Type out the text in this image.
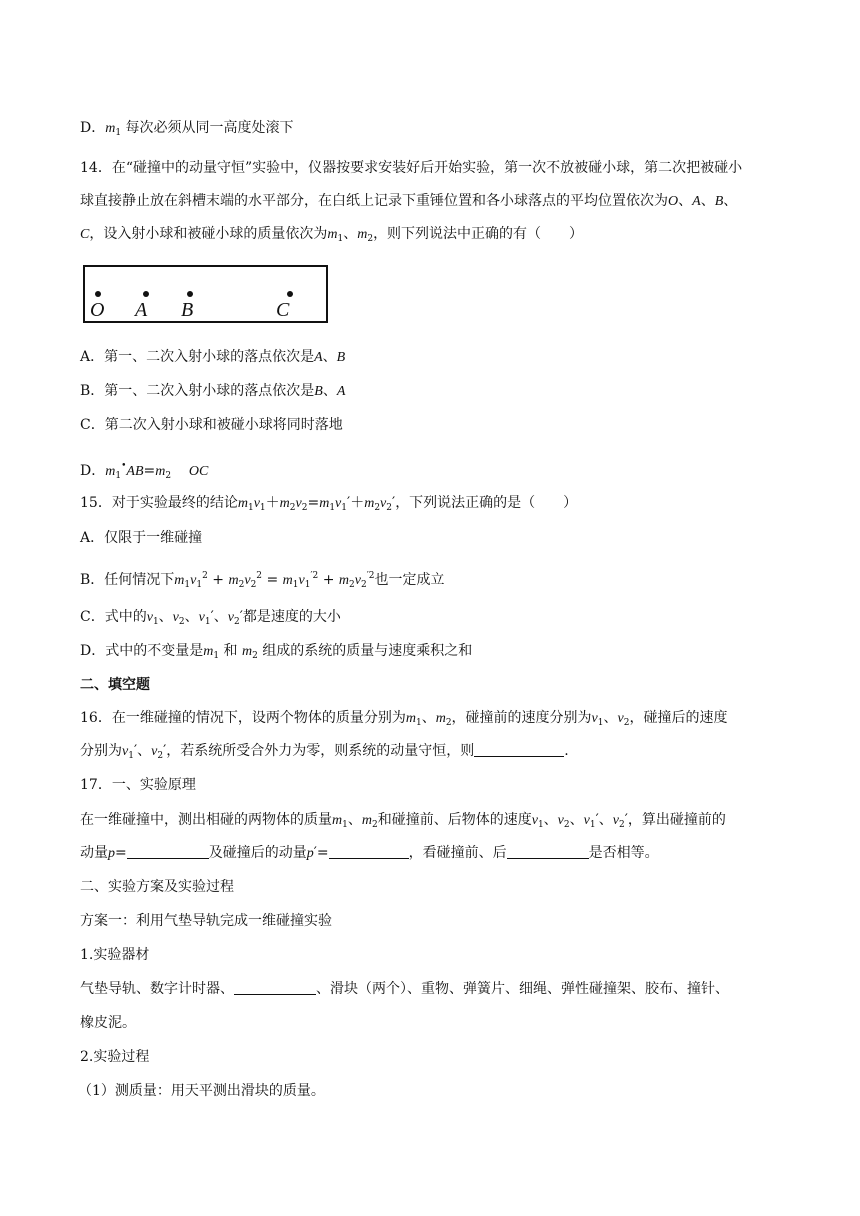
D．$m_1$ 每次必须从同一高度处滚下
14．在“碰撞中的动量守恒”实验中，仪器按要求安装好后开始实验，第一次不放被碰小球，第二次把被碰小
球直接静止放在斜槽末端的水平部分，在白纸上记录下重锤位置和各小球落点的平均位置依次为O、A、B、
C，设入射小球和被碰小球的质量依次为$m_1$、$m_2$，则下列说法中正确的有（　　）
O A B	C
A．第一、二次入射小球的落点依次是A、B
B．第一、二次入射小球的落点依次是B、A
C．第二次入射小球和被碰小球将同时落地
D．$m_1^•AB=m_2$ OC
15．对于实验最终的结论$m_1v_1+m_2v_2=m_1v_1'+m_2v_2'$，下列说法正确的是（　　）
A．仅限于一维碰撞
B．任何情况下$m_1v_1^2 + m_2v_2^2 = m_1v_1^{'2} + m_2v_2^{'2}$也一定成立
C．式中的$v_1$、$v_2$、$v_1'$、$v_2'$都是速度的大小
D．式中的不变量是$m_1$ 和 $m_2$ 组成的系统的质量与速度乘积之和
二、填空题
16．在一维碰撞的情况下，设两个物体的质量分别为$m_1$、$m_2$，碰撞前的速度分别为$v_1$、$v_2$，碰撞后的速度
分别为$v_1'$、$v_2'$，若系统所受合外力为零，则系统的动量守恒，则	.
17．一、实验原理
在一维碰撞中，测出相碰的两物体的质量$m_1$、$m_2$和碰撞前、后物体的速度$v_1$、$v_2$、$v_1'$、$v_2'$，算出碰撞前的
动量p=	及碰撞后的动量p′=	，看碰撞前、后	是否相等。
二、实验方案及实验过程
方案一：利用气垫导轨完成一维碰撞实验
1.实验器材
气垫导轨、数字计时器、	、滑块（两个）、重物、弹簧片、细绳、弹性碰撞架、胶布、撞针、
橡皮泥。
2.实验过程
（1）测质量：用天平测出滑块的质量。
